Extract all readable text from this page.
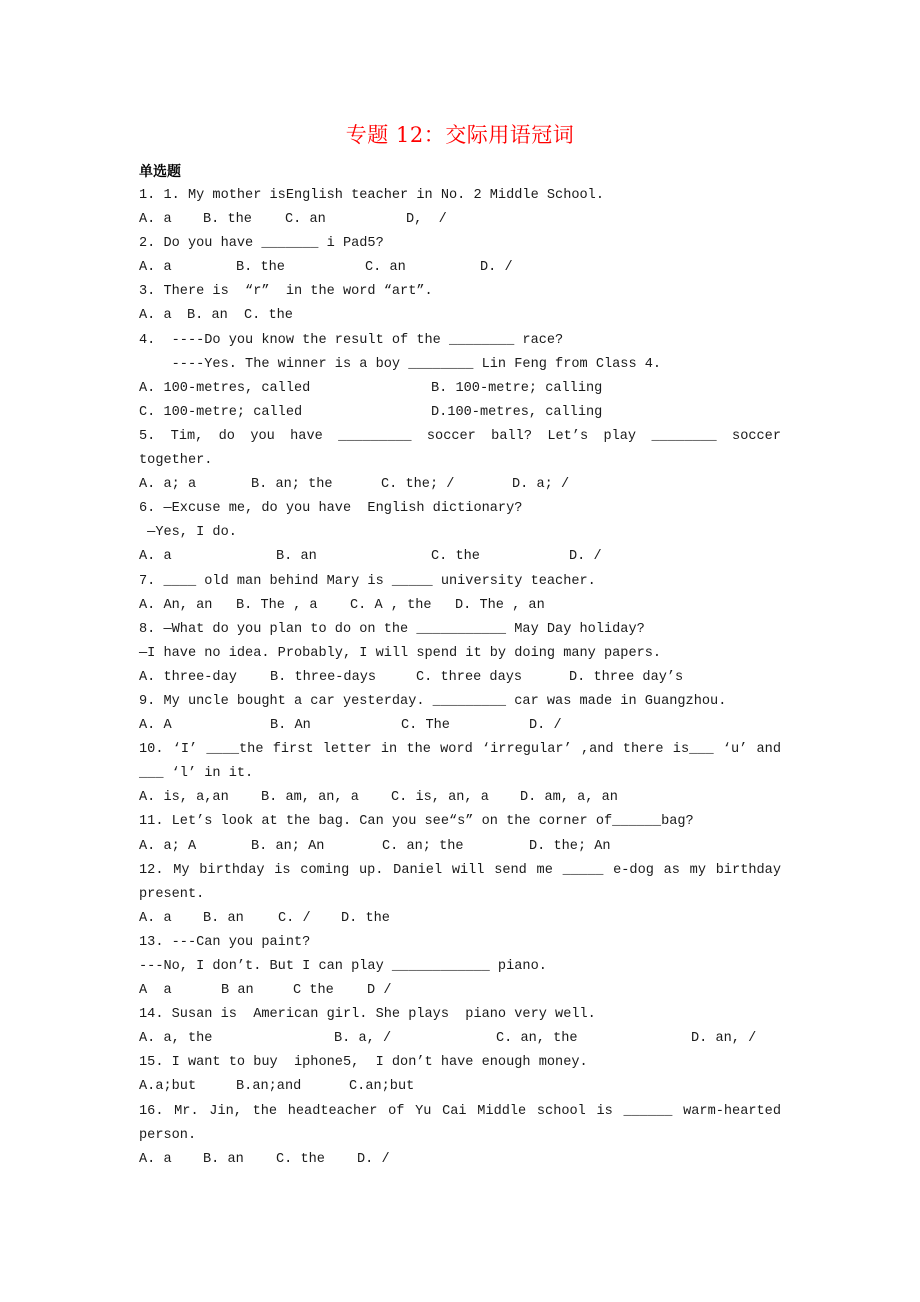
专题 12：交际用语冠词
单选题
1. 1. My mother isEnglish teacher in No. 2 Middle School.
A. a B. the C. an	D,  /
2. Do you have _______ i Pad5?
A. a	B. the	C. an	D. /
3. There is  “r”  in the word “art”.
A. a B. an C. the
4.  ----Do you know the result of the ________ race?
----Yes. The winner is a boy ________ Lin Feng from Class 4.
A. 100-metres, called	B. 100-metre; calling
C. 100-metre; called	D.100-metres, calling
5. Tim, do you have _________ soccer ball? Let’s play ________ soccer
together.
A. a; a	B. an; the	C. the; /	D. a; /
6. —Excuse me, do you have  English dictionary?
—Yes, I do.
A. a	B. an	C. the	D. /
7. ____ old man behind Mary is _____ university teacher.
A. An, an B. The , a C. A , the D. The , an
8. —What do you plan to do on the ___________ May Day holiday?
—I have no idea. Probably, I will spend it by doing many papers.
A. three-day B. three-days	C. three days	D. three day’s
9. My uncle bought a car yesterday. _________ car was made in Guangzhou.
A. A	B. An	C. The	D. /
10. ‘I’ ____the first letter in the word ‘irregular’ ,and there is___ ‘u’ and
___ ‘l’ in it.
A. is, a,an B. am, an, a C. is, an, a D. am, a, an
11. Let’s look at the bag. Can you see“s” on the corner of______bag?
A. a; A	B. an; An	C. an; the	D. the; An
12. My birthday is coming up. Daniel will send me _____ e-dog as my birthday
present.
A. a B. an	C. / D. the
13. ---Can you paint?
---No, I don’t. But I can play ____________ piano.
A  a	B an	C the D /
14. Susan is  American girl. She plays  piano very well.
A. a, the	B. a, /	C. an, the	D. an, /
15. I want to buy  iphone5,  I don’t have enough money.
A.a;but	B.an;and	C.an;but
16. Mr. Jin, the headteacher of Yu Cai Middle school is ______ warm-hearted
person.
A. a B. an C. the D. /
